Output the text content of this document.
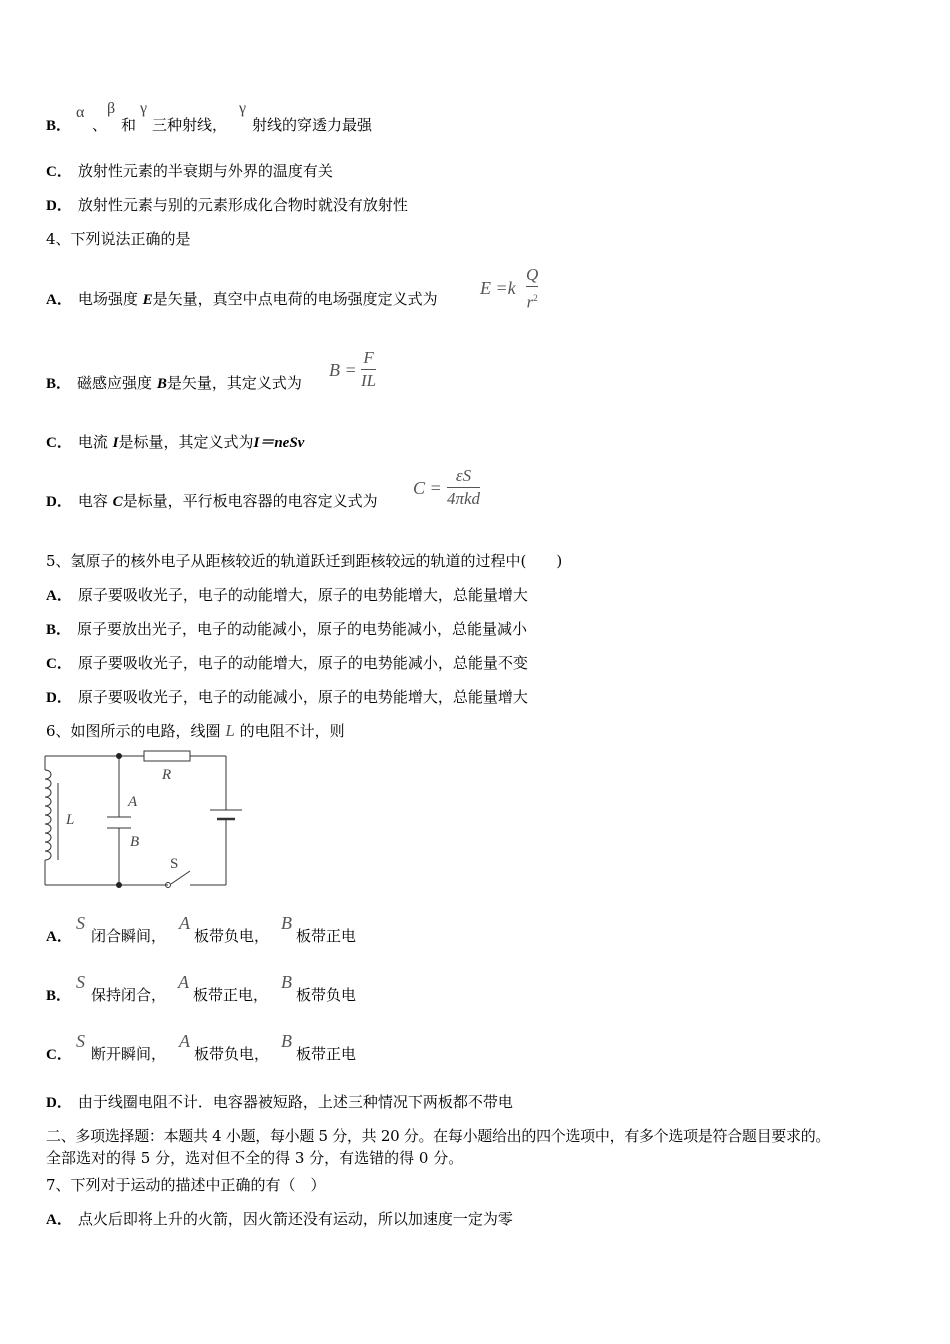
B．
α
、
β
和
γ
三种射线，
γ
射线的穿透力最强
C． 放射性元素的半衰期与外界的温度有关
D． 放射性元素与别的元素形成化合物时就没有放射性
4、下列说法正确的是
A． 电场强度 E是矢量，真空中点电荷的电场强度定义式为
E =k
Q
$r^2$
B． 磁感应强度 B是矢量，其定义式为
B =
F
IL
C． 电流 I是标量，其定义式为I＝neSv
D． 电容 C是标量，平行板电容器的电容定义式为
C =
εS
4πkd
5、氢原子的核外电子从距核较近的轨道跃迁到距核较远的轨道的过程中(　　)
A． 原子要吸收光子，电子的动能增大，原子的电势能增大，总能量增大
B． 原子要放出光子，电子的动能减小，原子的电势能减小，总能量减小
C． 原子要吸收光子，电子的动能增大，原子的电势能减小，总能量不变
D． 原子要吸收光子，电子的动能减小，原子的电势能增大，总能量增大
6、如图所示的电路，线圈 L 的电阻不计，则
R
A
B
L
S
A．
S
闭合瞬间，
A
板带负电，
B
板带正电
B．
S
保持闭合，
A
板带正电，
B
板带负电
C．
S
断开瞬间，
A
板带负电，
B
板带正电
D． 由于线圈电阻不计．电容器被短路，上述三种情况下两板都不带电
二、多项选择题：本题共 4 小题，每小题 5 分，共 20 分。在每小题给出的四个选项中，有多个选项是符合题目要求的。
全部选对的得 5 分，选对但不全的得 3 分，有选错的得 0 分。
7、下列对于运动的描述中正确的有（　）
A． 点火后即将上升的火箭，因火箭还没有运动，所以加速度一定为零
